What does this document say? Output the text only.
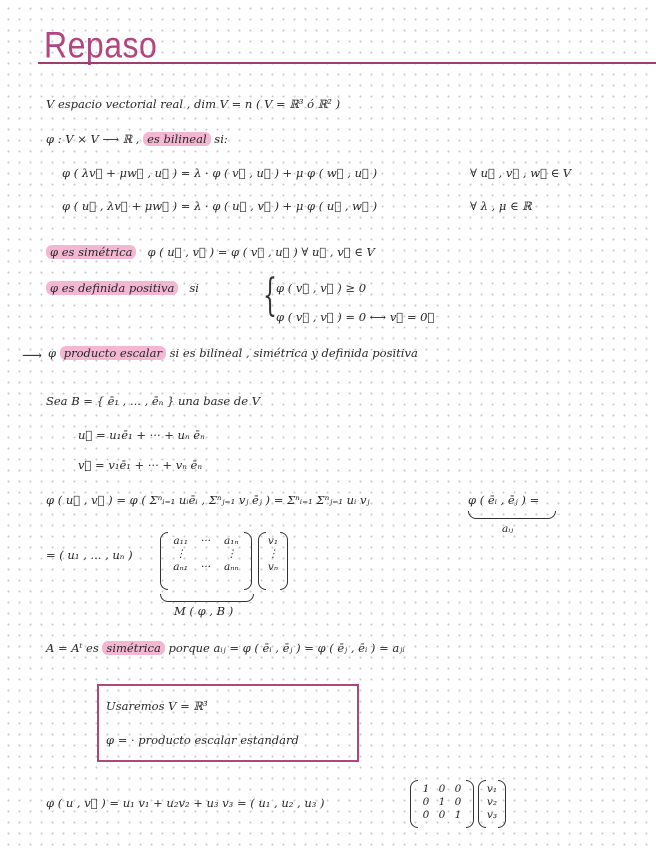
Repaso
V espacio vectorial real , dim V = n ( V = ℝ³ ó ℝ² )
φ : V × V ⟶ ℝ , es bilineal si:
φ ( λv⃗ + μw⃗ , u⃗ ) = λ · φ ( v⃗ , u⃗ ) + μ φ ( w⃗ , u⃗ )	∀ u⃗ , v⃗ , w⃗ ∈ V
φ ( u⃗ , λv⃗ + μw⃗ ) = λ · φ ( u⃗ , v⃗ ) + μ φ ( u⃗ , w⃗ )	∀ λ , μ ∈ ℝ
φ es simétrica φ ( u⃗ , v⃗ ) = φ ( v⃗ , u⃗ ) ∀ u⃗ , v⃗ ∈ V
φ es definida positiva si { φ ( v⃗ , v⃗ ) ≥ 0
φ ( v⃗ , v⃗ ) = 0 ⟷ v⃗ = 0⃗
⟶ φ producto escalar si es bilineal , simétrica y definida positiva
Sea B = { ē₁ , ... , ēₙ } una base de V
u⃗ = u₁ē₁ + ··· + uₙ ēₙ
v⃗ = v₁ē₁ + ··· + vₙ ēₙ
φ ( u⃗ , v⃗ ) = φ ( Σⁿᵢ₌₁ uᵢēᵢ , Σⁿⱼ₌₁ vⱼ ēⱼ ) = Σⁿᵢ₌₁ Σⁿⱼ₌₁ uᵢ vⱼ	φ ( ēᵢ , ēⱼ ) =
aᵢⱼ
= ( u₁ , ... , uₙ )
a₁₁	···	a₁ₙ
⋮	⋮
aₙ₁	···	aₙₙ
v₁
⋮
vₙ
M ( φ , B )
A = Aᵗ es simétrica porque aᵢⱼ = φ ( ēᵢ , ēⱼ ) = φ ( ēⱼ , ēᵢ ) = aⱼᵢ
Usaremos V = ℝ³
φ = · producto escalar estandard
φ ( u , v⃗ ) = u₁ v₁ + u₂v₂ + u₃ v₃ = ( u₁ , u₂ , u₃ )
1 0 0
0 1 0
0 0 1
v₁
v₂
v₃
